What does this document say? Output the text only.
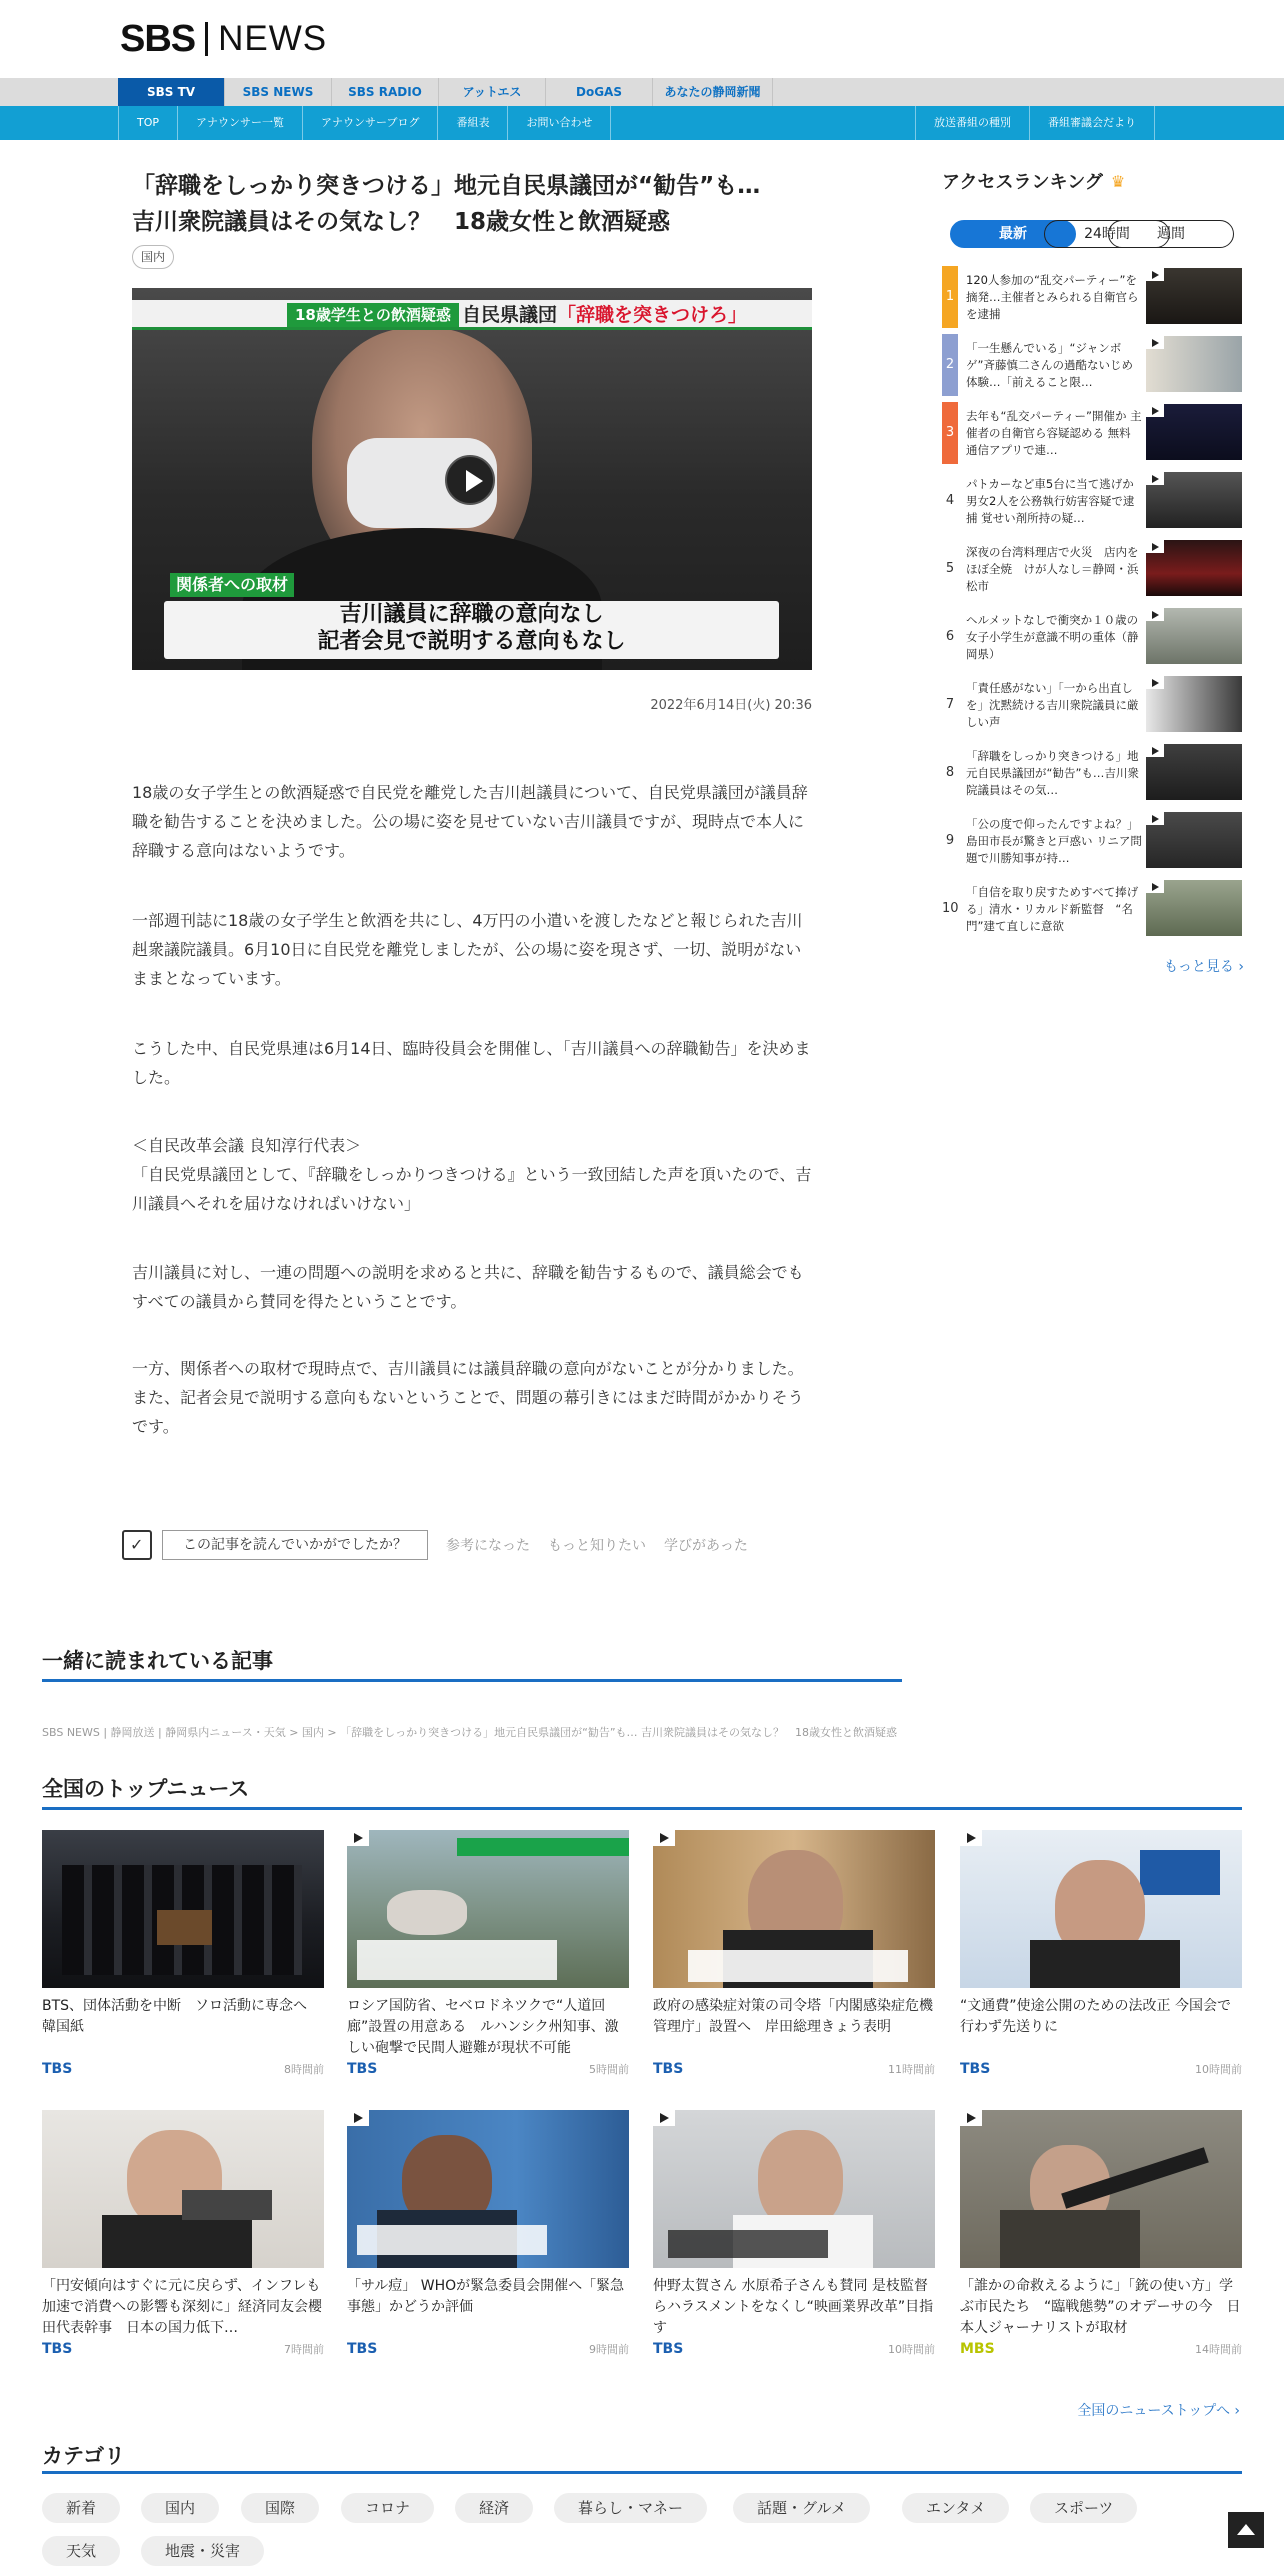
SBS NEWS
SBS TV	SBS NEWS	SBS RADIO	アットエス	DoGAS	あなたの静岡新聞
TOP	アナウンサー一覧	アナウンサーブログ	番組表	お問い合わせ	放送番組の種別	番組審議会だより
「辞職をしっかり突きつける」地元自民県議団が“勧告”も…
吉川衆院議員はその気なし？　18歳女性と飲酒疑惑
国内
18歳学生との飲酒疑惑 自民県議団「辞職を突きつけろ」
関係者への取材
吉川議員に辞職の意向なし
記者会見で説明する意向もなし
2022年6月14日(火) 20:36
18歳の女子学生との飲酒疑惑で自民党を離党した吉川赳議員について、自民党県議団が議員辞職を勧告することを決めました。公の場に姿を見せていない吉川議員ですが、現時点で本人に辞職する意向はないようです。
一部週刊誌に18歳の女子学生と飲酒を共にし、4万円の小遣いを渡したなどと報じられた吉川赳衆議院議員。6月10日に自民党を離党しましたが、公の場に姿を現さず、一切、説明がないままとなっています。
こうした中、自民党県連は6月14日、臨時役員会を開催し、「吉川議員への辞職勧告」を決めました。
＜自民改革会議 良知淳行代表＞
「自民党県議団として、『辞職をしっかりつきつける』という一致団結した声を頂いたので、吉川議員へそれを届けなければいけない」
吉川議員に対し、一連の問題への説明を求めると共に、辞職を勧告するもので、議員総会でもすべての議員から賛同を得たということです。
一方、関係者への取材で現時点で、吉川議員には議員辞職の意向がないことが分かりました。また、記者会見で説明する意向もないということで、問題の幕引きにはまだ時間がかかりそうです。
✓
この記事を読んでいかがでしたか？	参考になった もっと知りたい 学びがあった
一緒に読まれている記事
SBS NEWS | 静岡放送 | 静岡県内ニュース・天気 > 国内 > 「辞職をしっかり突きつける」地元自民県議団が“勧告”も… 吉川衆院議員はその気なし？　18歳女性と飲酒疑惑
全国のトップニュース
BTS、団体活動を中断　ソロ活動に専念へ　韓国紙
TBS	8時間前
ロシア国防省、セベロドネツクで“人道回廊”設置の用意ある　ルハンシク州知事、激しい砲撃で民間人避難が現状不可能
TBS	5時間前
政府の感染症対策の司令塔「内閣感染症危機管理庁」設置へ　岸田総理きょう表明
TBS	11時間前
“文通費”使途公開のための法改正 今国会で行わず先送りに
TBS	10時間前
「円安傾向はすぐに元に戻らず、インフレも加速で消費への影響も深刻に」経済同友会櫻田代表幹事　日本の国力低下…
TBS	7時間前
「サル痘」 WHOが緊急委員会開催へ「緊急事態」かどうか評価
TBS	9時間前
仲野太賀さん 水原希子さんも賛同 是枝監督らハラスメントをなくし“映画業界改革”目指す
TBS	10時間前
「誰かの命救えるように」「銃の使い方」学ぶ市民たち　“臨戦態勢”のオデーサの今　日本人ジャーナリストが取材
MBS	14時間前
全国のニューストップへ ›
カテゴリ
新着	国内	国際	コロナ	経済	暮らし・マネー	話題・グルメ	エンタメ	スポーツ
天気	地震・災害
アクセスランキング ♛
最新	24時間	週間
1
120人参加の“乱交パーティー”を摘発…主催者とみられる自衛官らを逮捕
2
「一生懸んでいる」“ジャンボゲ”斉藤慎二さんの過酷ないじめ体験…「前えること限…
3
去年も“乱交パーティー”開催か 主催者の自衛官ら容疑認める 無料通信アプリで連…
4
パトカーなど車5台に当て逃げか 男女2人を公務執行妨害容疑で逮捕 覚せい剤所持の疑…
5
深夜の台湾料理店で火災　店内をほぼ全焼　けが人なし＝静岡・浜松市
6
ヘルメットなしで衝突か１０歳の女子小学生が意識不明の重体（静岡県）
7
「責任感がない」「一から出直しを」沈黙続ける吉川衆院議員に厳しい声
8
「辞職をしっかり突きつける」地元自民県議団が“勧告”も…吉川衆院議員はその気…
9
「公の度で仰ったんですよね？」島田市長が驚きと戸惑い リニア問題で川勝知事が持…
10
「自信を取り戻すためすべて捧げる」清水・リカルド新監督　“名門”建て直しに意欲
もっと見る ›
